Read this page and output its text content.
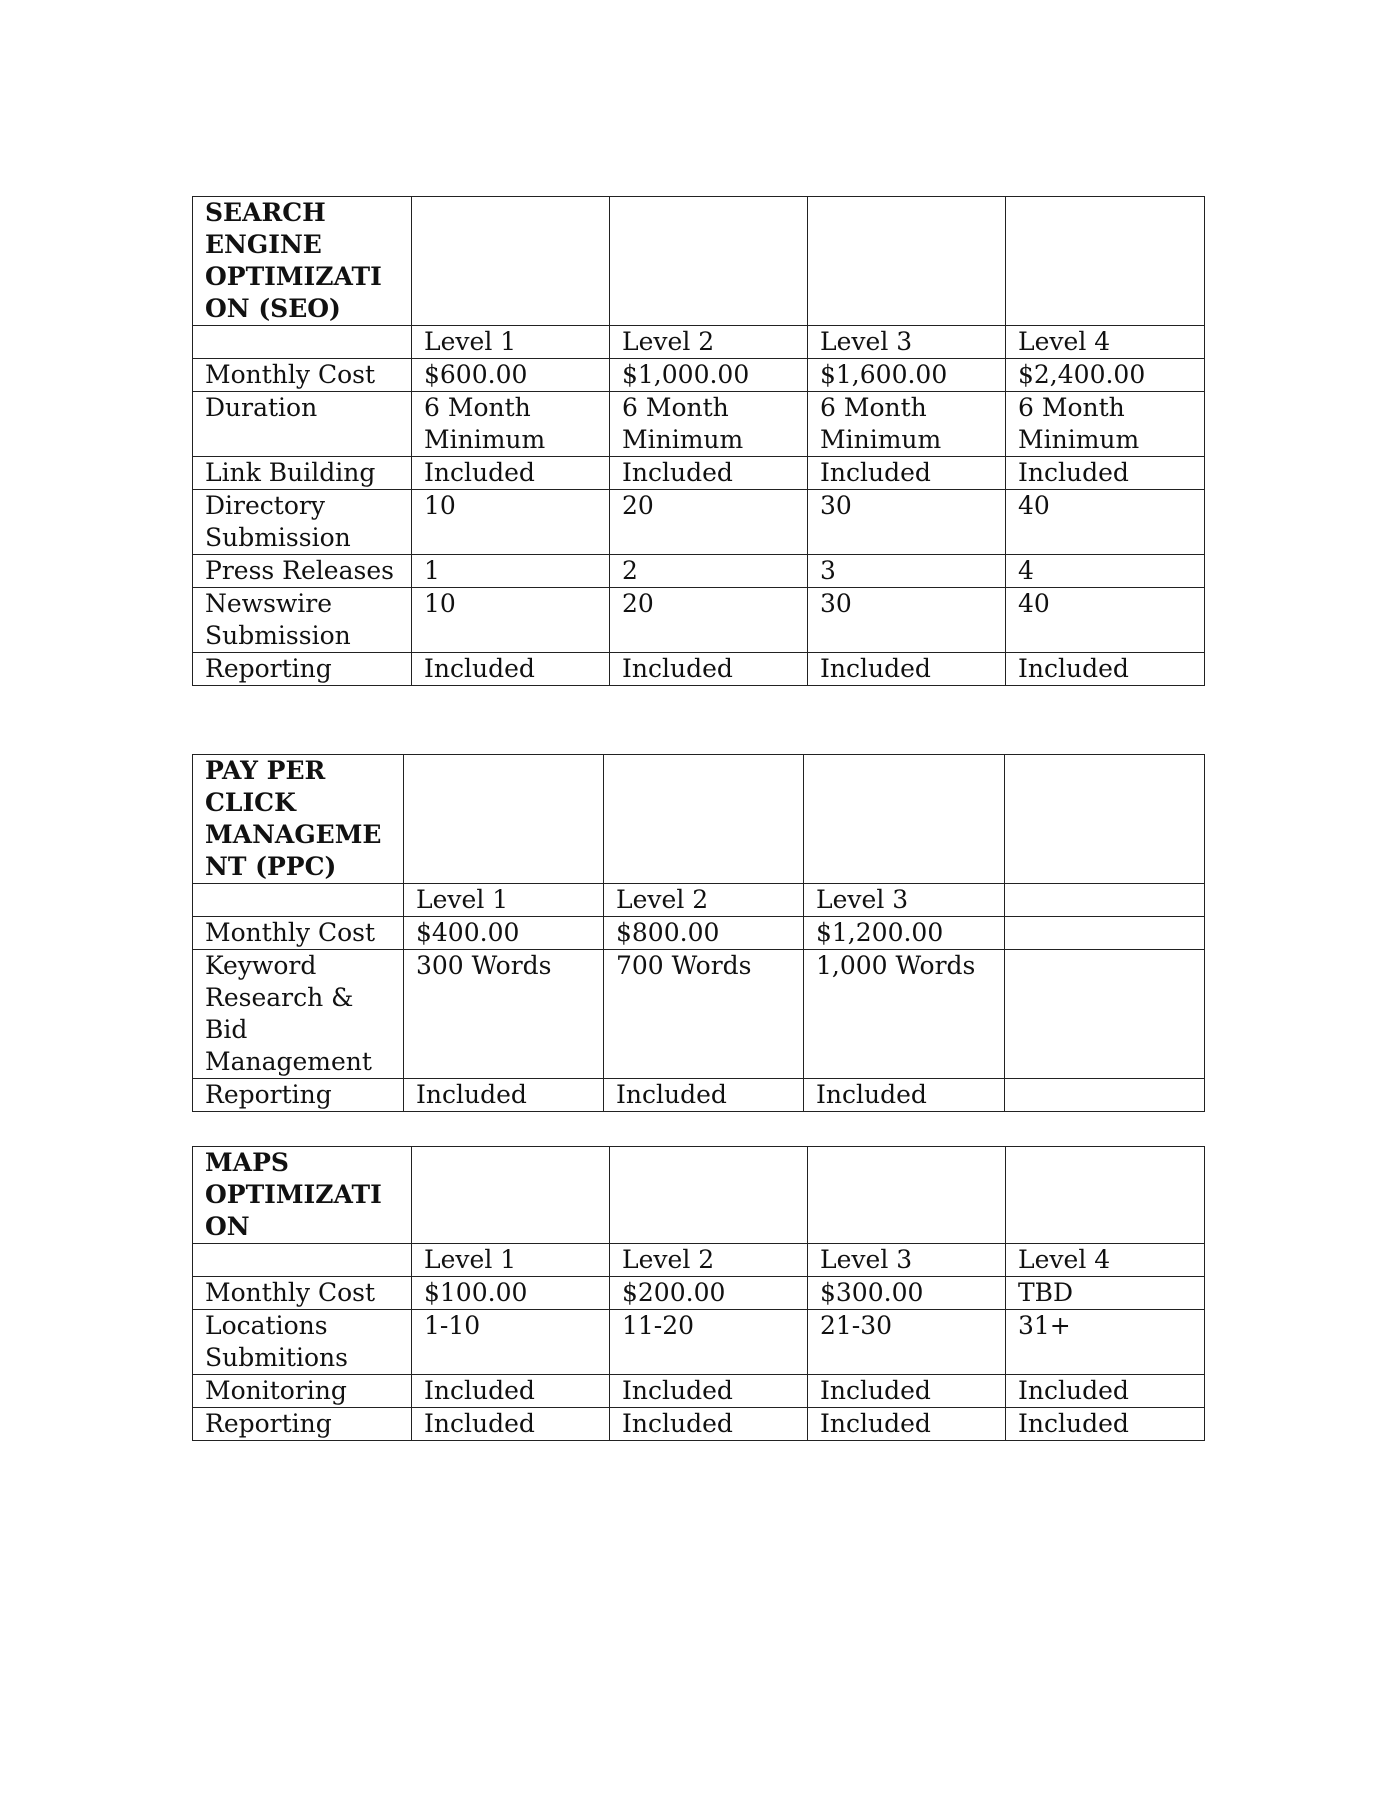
SEARCH ENGINE OPTIMIZATION (SEO)				
	Level 1	Level 2	Level 3	Level 4
Monthly Cost	$600.00	$1,000.00	$1,600.00	$2,400.00
Duration	6 Month Minimum	6 Month Minimum	6 Month Minimum	6 Month Minimum
Link Building	Included	Included	Included	Included
Directory Submission	10	20	30	40
Press Releases	1	2	3	4
Newswire Submission	10	20	30	40
Reporting	Included	Included	Included	Included
PAY PER CLICK MANAGEMENT (PPC)				
	Level 1	Level 2	Level 3	
Monthly Cost	$400.00	$800.00	$1,200.00	
Keyword Research & Bid Management	300 Words	700 Words	1,000 Words	
Reporting	Included	Included	Included	
MAPS OPTIMIZATION				
	Level 1	Level 2	Level 3	Level 4
Monthly Cost	$100.00	$200.00	$300.00	TBD
Locations Submitions	1-10	11-20	21-30	31+
Monitoring	Included	Included	Included	Included
Reporting	Included	Included	Included	Included
